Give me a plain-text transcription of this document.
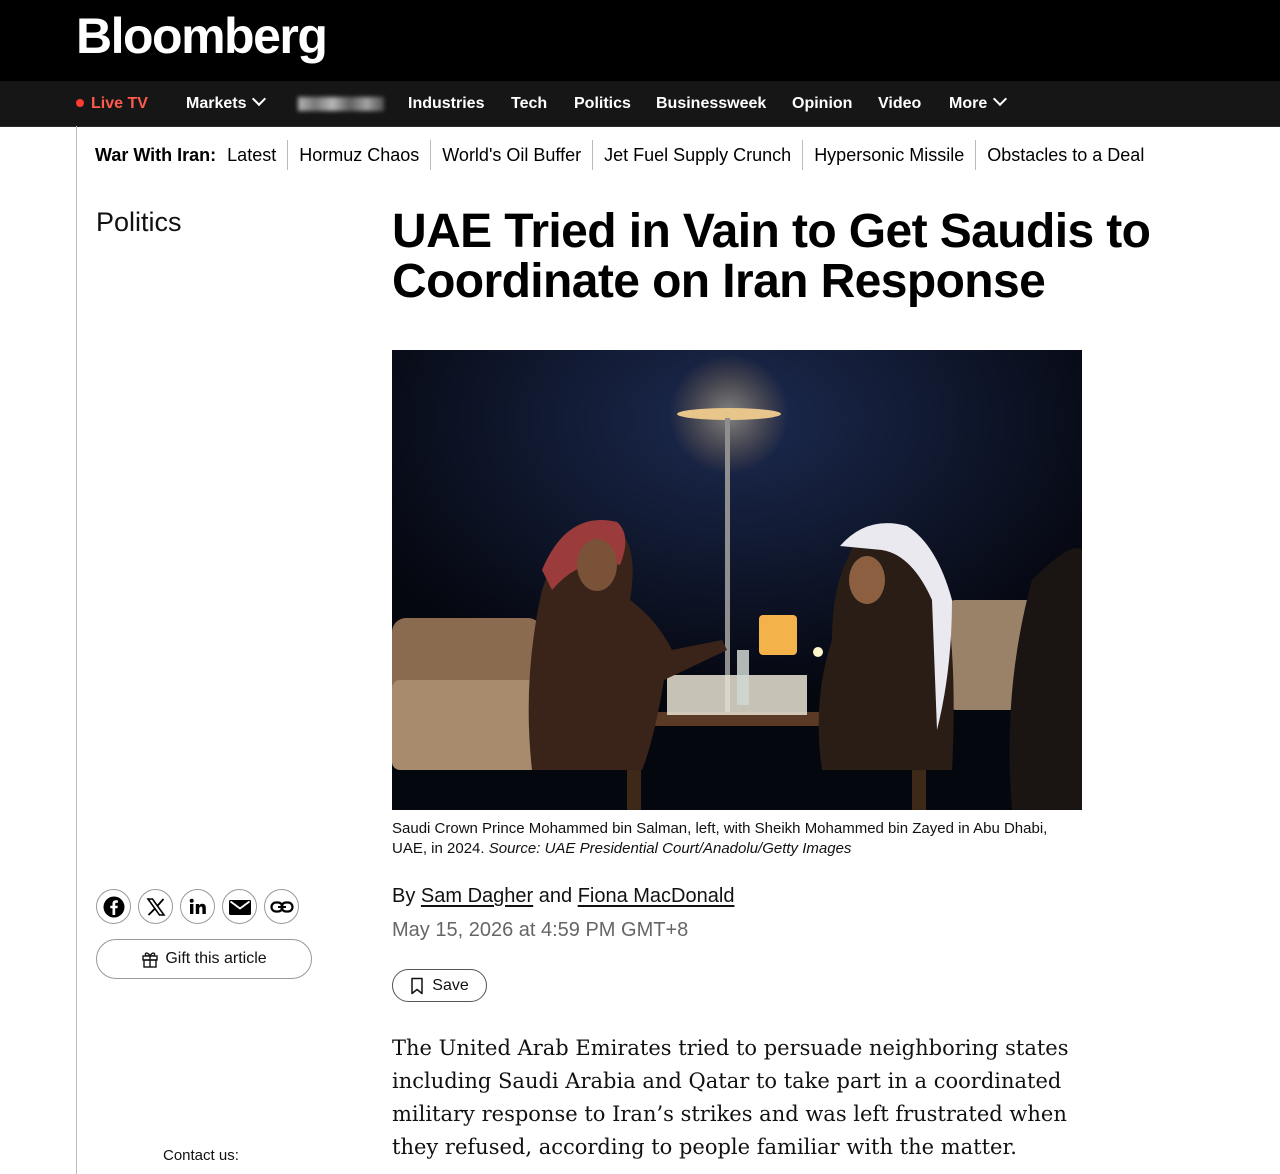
Bloomberg
Live TV Markets	Industries Tech Politics Businessweek Opinion Video More
War With Iran: Latest	Hormuz Chaos	World's Oil Buffer	Jet Fuel Supply Crunch	Hypersonic Missile	Obstacles to a Deal
Politics	UAE Tried in Vain to Get Saudis to Coordinate on Iran Response
Saudi Crown Prince Mohammed bin Salman, left, with Sheikh Mohammed bin Zayed in Abu Dhabi, UAE, in 2024. Source: UAE Presidential Court/Anadolu/Getty Images
Gift this article
By Sam Dagher and Fiona MacDonald
May 15, 2026 at 4:59 PM GMT+8
Save

The United Arab Emirates tried to persuade neighboring states including Saudi Arabia and Qatar to take part in a coordinated military response to Iran’s strikes and was left frustrated when they refused, according to people familiar with the matter.

Contact us:
